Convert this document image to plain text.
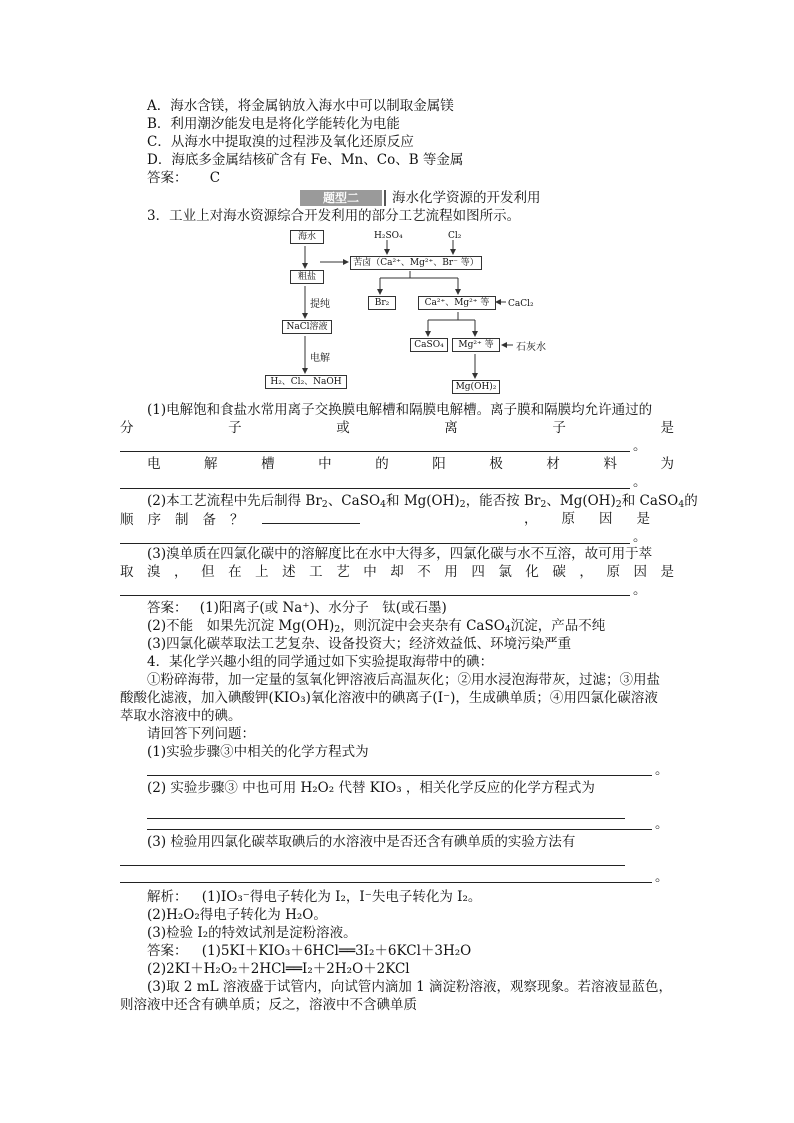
A．海水含镁，将金属钠放入海水中可以制取金属镁
B．利用潮汐能发电是将化学能转化为电能
C．从海水中提取溴的过程涉及氧化还原反应
D．海底多金属结核矿含有 Fe、Mn、Co、B 等金属
答案： C
题型二	海水化学资源的开发利用
3．工业上对海水资源综合开发利用的部分工艺流程如图所示。
海水
粗盐
提纯
NaCl溶液
电解
H₂、Cl₂、NaOH
H₂SO₄	Cl₂
苦卤（Ca²⁺、Mg²⁺、Br⁻ 等）
Br₂	Ca²⁺、Mg²⁺ 等	CaCl₂
CaSO₄	Mg²⁺ 等	石灰水
Mg(OH)₂
(1)电解饱和食盐水常用离子交换膜电解槽和隔膜电解槽。离子膜和隔膜均允许通过的
分子或离子是
。
电解槽中的阳极材料为
。
(2)本工艺流程中先后制得 $Br_2$、CaSO$_4$和 $Mg(OH)_2$，能否按 $Br_2$、$Mg(OH)_2$和 CaSO$_4$的
顺序制备？	，原因是
。
(3)溴单质在四氯化碳中的溶解度比在水中大得多，四氯化碳与水不互溶，故可用于萃
取溴，但在上述工艺中却不用四氯化碳，原因是
。
答案： (1)阳离子(或 Na⁺)、水分子　钛(或石墨)
(2)不能　如果先沉淀 $Mg(OH)_2$，则沉淀中会夹杂有 CaSO$_4$沉淀，产品不纯
(3)四氯化碳萃取法工艺复杂、设备投资大；经济效益低、环境污染严重
4．某化学兴趣小组的同学通过如下实验提取海带中的碘：
①粉碎海带，加一定量的氢氧化钾溶液后高温灰化；②用水浸泡海带灰，过滤；③用盐
酸酸化滤液，加入碘酸钾(KIO₃)氧化溶液中的碘离子(I⁻)，生成碘单质；④用四氯化碳溶液
萃取水溶液中的碘。
请回答下列问题：
(1)实验步骤③中相关的化学方程式为
。
(2) 实验步骤③ 中也可用 H₂O₂ 代替 KIO₃ ，相关化学反应的化学方程式为
。
(3) 检验用四氯化碳萃取碘后的水溶液中是否还含有碘单质的实验方法有
。
解析： (1)IO₃⁻得电子转化为 I₂，I⁻失电子转化为 I₂。
(2)H₂O₂得电子转化为 H₂O。
(3)检验 I₂的特效试剂是淀粉溶液。
答案： (1)5KI＋KIO₃＋6HCl══3I₂＋6KCl＋3H₂O
(2)2KI＋H₂O₂＋2HCl══I₂＋2H₂O＋2KCl
(3)取 2 mL 溶液盛于试管内，向试管内滴加 1 滴淀粉溶液，观察现象。若溶液显蓝色，
则溶液中还含有碘单质；反之，溶液中不含碘单质
